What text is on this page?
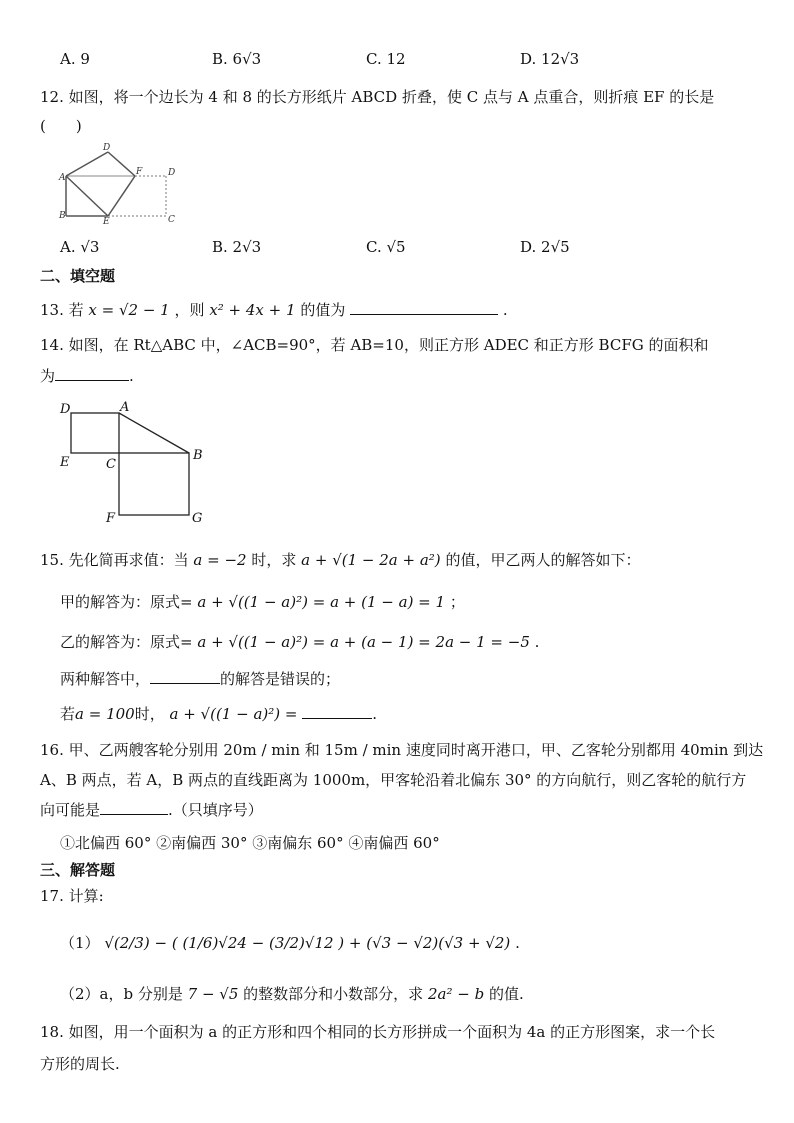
A. 9	B. 6√3	C. 12	D. 12√3
12. 如图，将一个边长为 4 和 8 的长方形纸片 ABCD 折叠，使 C 点与 A 点重合，则折痕 EF 的长是
(　　)
D
A
F	D
B
E	C
A. √3	B. 2√3	C. √5	D. 2√5
二、填空题
13. 若 x = √2 − 1 ，则 x² + 4x + 1 的值为	.
14. 如图，在 Rt△ABC 中，∠ACB=90°，若 AB=10，则正方形 ADEC 和正方形 BCFG 的面积和
为	.
D	A
E	C
B
F	G
15. 先化简再求值：当 a = −2 时，求 a + √(1 − 2a + a²) 的值，甲乙两人的解答如下：
甲的解答为：原式= a + √((1 − a)²) = a + (1 − a) = 1 ；
乙的解答为：原式= a + √((1 − a)²) = a + (a − 1) = 2a − 1 = −5 .
两种解答中，	的解答是错误的；
若a = 100时， a + √((1 − a)²) =	.
16. 甲、乙两艘客轮分别用 20m / min 和 15m / min 速度同时离开港口，甲、乙客轮分别都用 40min 到达
A、B 两点，若 A，B 两点的直线距离为 1000m，甲客轮沿着北偏东 30° 的方向航行，则乙客轮的航行方
向可能是	.（只填序号）
①北偏西 60° ②南偏西 30° ③南偏东 60° ④南偏西 60°
三、解答题
17. 计算:
（1） √(2/3) − ( (1/6)√24 − (3/2)√12 ) + (√3 − √2)(√3 + √2) .
（2）a，b 分别是 7 − √5 的整数部分和小数部分，求 2a² − b 的值.
18. 如图，用一个面积为 a 的正方形和四个相同的长方形拼成一个面积为 4a 的正方形图案，求一个长
方形的周长.
